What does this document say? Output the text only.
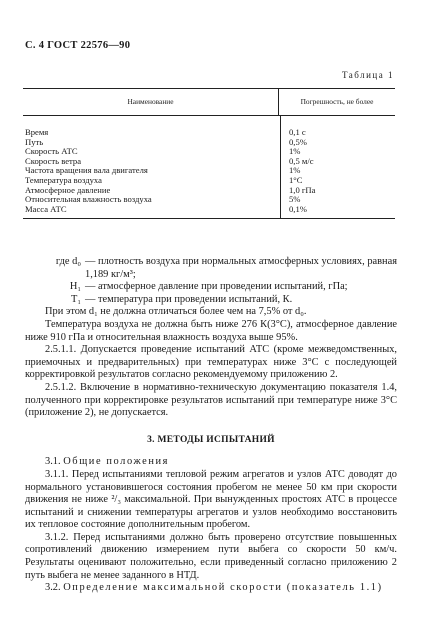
С. 4 ГОСТ 22576—90
Таблица 1
Наименование	Погрешность, не более
Время
Путь
Скорость АТС
Скорость ветра
Частота вращения вала двигателя
Температура воздуха
Атмосферное давление
Относительная влажность воздуха
Масса АТС
0,1 с
0,5%
1%
0,5 м/с
1%
1°С
1,0 гПа
5%
0,1%
где d₀ — плотность воздуха при нормальных атмосферных условиях, равная 1,189 кг/м³;
H₁ — атмосферное давление при проведении испытаний, гПа;
T₁ — температура при проведении испытаний, К.

При этом d₁ не должна отличаться более чем на 7,5% от d₀.

Температура воздуха не должна быть ниже 276 К(3°С), атмосферное давление ниже 910 гПа и относительная влажность воздуха выше 95%.

2.5.1.1. Допускается проведение испытаний АТС (кроме межведомственных, приемочных и предварительных) при температурах ниже 3°С с последующей корректировкой результатов согласно рекомендуемому приложению 2.

2.5.1.2. Включение в нормативно-техническую документацию показателя 1.4, полученного при корректировке результатов испытаний при температуре ниже 3°С (приложение 2), не допускается.

3. МЕТОДЫ ИСПЫТАНИЙ

3.1. Общие положения

3.1.1. Перед испытаниями тепловой режим агрегатов и узлов АТС доводят до нормального установившегося состояния пробегом не менее 50 км при скорости движения не ниже ²/₃ максимальной. При вынужденных простоях АТС в процессе испытаний и снижении температуры агрегатов и узлов необходимо восстановить их тепловое состояние дополнительным пробегом.

3.1.2. Перед испытаниями должно быть проверено отсутствие повышенных сопротивлений движению измерением пути выбега со скорости 50 км/ч. Результаты оценивают положительно, если приведенный согласно приложению 2 путь выбега не менее заданного в НТД.

3.2. Определение максимальной скорости (показатель 1.1)
